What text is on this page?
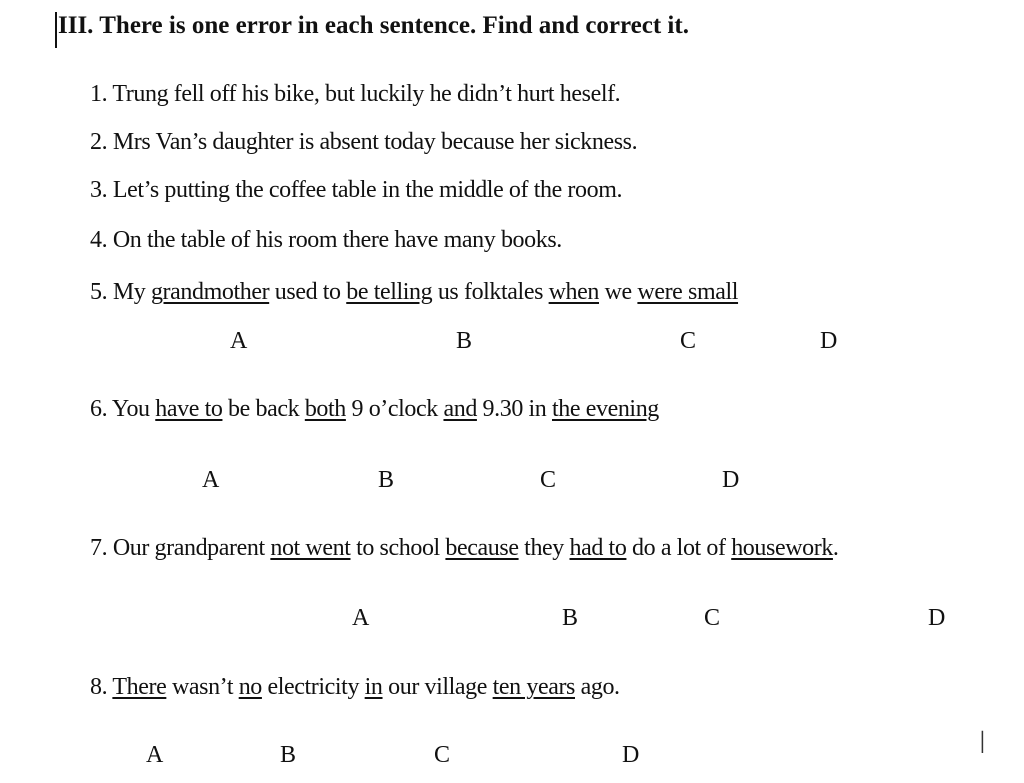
III. There is one error in each sentence. Find and correct it.
1. Trung fell off his bike, but luckily he didn’t hurt heself.
2. Mrs Van’s daughter is absent today because her sickness.
3. Let’s putting the coffee table in the middle of the room.
4. On the table of his room there have many books.
5. My grandmother used to be telling us folktales when we were small
A	B	C	D
6. You have to be back both 9 o’clock and 9.30 in the evening
A	B	C	D
7. Our grandparent not went to school because they had to do a lot of housework.
A	B	C	D
8. There wasn’t no electricity in our village ten years ago.
A	B	C	D	I
